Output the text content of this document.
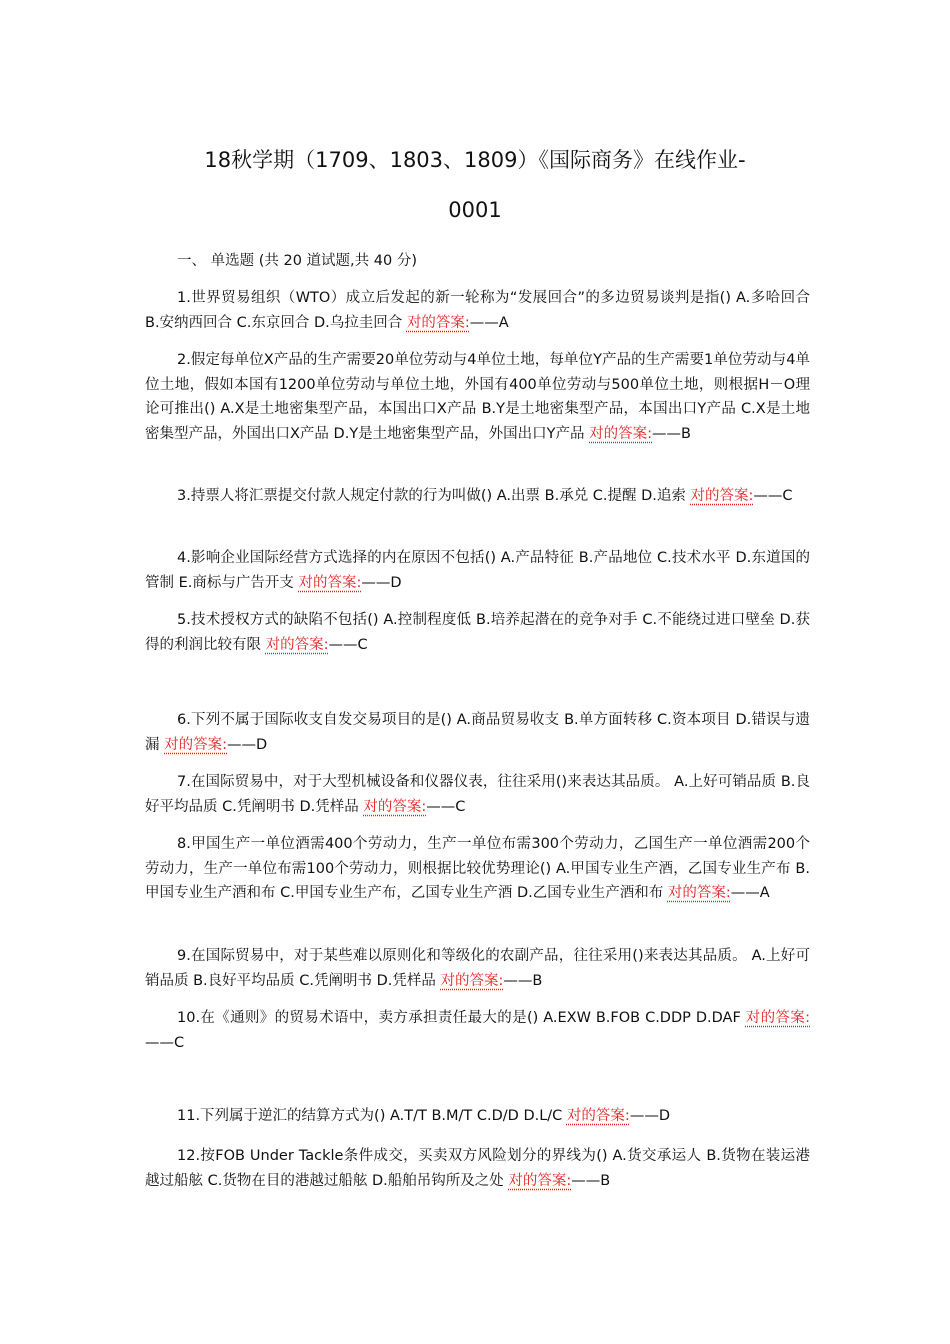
18秋学期（1709、1803、1809）《国际商务》在线作业-
0001
一、 单选题 (共 20 道试题,共 40 分)
1.世界贸易组织（WTO）成立后发起的新一轮称为“发展回合”的多边贸易谈判是指() A.多哈回合 B.安纳西回合 C.东京回合 D.乌拉圭回合 对的答案:——A
2.假定每单位X产品的生产需要20单位劳动与4单位土地，每单位Y产品的生产需要1单位劳动与4单位土地，假如本国有1200单位劳动与单位土地，外国有400单位劳动与500单位土地，则根据H－O理论可推出() A.X是土地密集型产品，本国出口X产品 B.Y是土地密集型产品，本国出口Y产品 C.X是土地密集型产品，外国出口X产品 D.Y是土地密集型产品，外国出口Y产品 对的答案:——B
3.持票人将汇票提交付款人规定付款的行为叫做() A.出票 B.承兑 C.提醒 D.追索 对的答案:——C
4.影响企业国际经营方式选择的内在原因不包括() A.产品特征 B.产品地位 C.技术水平 D.东道国的管制 E.商标与广告开支 对的答案:——D
5.技术授权方式的缺陷不包括() A.控制程度低 B.培养起潜在的竞争对手 C.不能绕过进口壁垒 D.获得的利润比较有限 对的答案:——C
6.下列不属于国际收支自发交易项目的是() A.商品贸易收支 B.单方面转移 C.资本项目 D.错误与遗漏 对的答案:——D
7.在国际贸易中，对于大型机械设备和仪器仪表，往往采用()来表达其品质。 A.上好可销品质 B.良好平均品质 C.凭阐明书 D.凭样品 对的答案:——C
8.甲国生产一单位酒需400个劳动力，生产一单位布需300个劳动力，乙国生产一单位酒需200个劳动力，生产一单位布需100个劳动力，则根据比较优势理论() A.甲国专业生产酒，乙国专业生产布 B.甲国专业生产酒和布 C.甲国专业生产布，乙国专业生产酒 D.乙国专业生产酒和布 对的答案:——A
9.在国际贸易中，对于某些难以原则化和等级化的农副产品，往往采用()来表达其品质。 A.上好可销品质 B.良好平均品质 C.凭阐明书 D.凭样品 对的答案:——B
10.在《通则》的贸易术语中，卖方承担责任最大的是() A.EXW B.FOB C.DDP D.DAF 对的答案:——C
11.下列属于逆汇的结算方式为() A.T/T B.M/T C.D/D D.L/C 对的答案:——D
12.按FOB Under Tackle条件成交，买卖双方风险划分的界线为() A.货交承运人 B.货物在装运港越过船舷 C.货物在目的港越过船舷 D.船舶吊钩所及之处 对的答案:——B
